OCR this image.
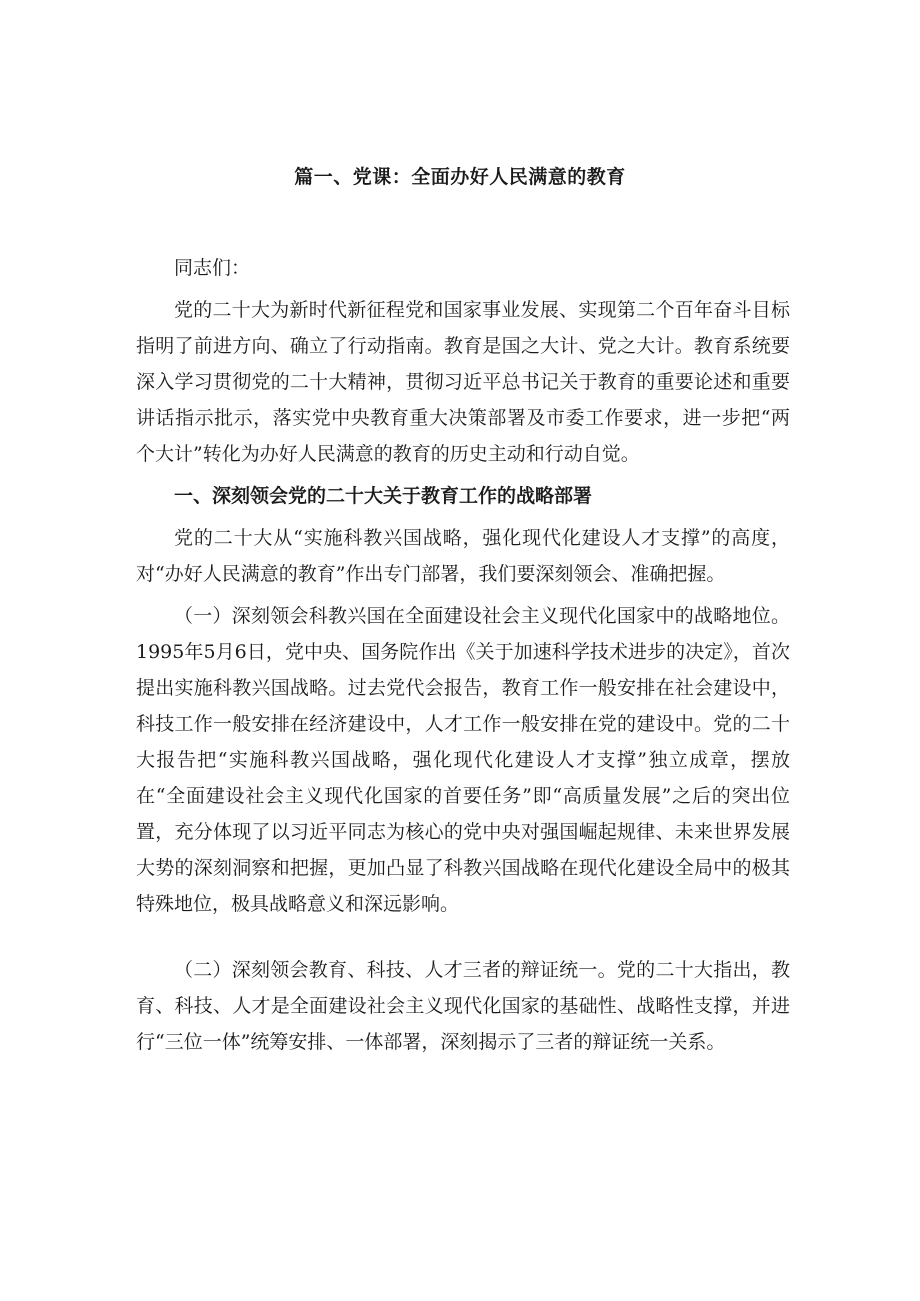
篇一、党课：全面办好人民满意的教育

同志们：

党的二十大为新时代新征程党和国家事业发展、实现第二个百年奋斗目标指明了前进方向、确立了行动指南。教育是国之大计、党之大计。教育系统要深入学习贯彻党的二十大精神，贯彻习近平总书记关于教育的重要论述和重要讲话指示批示，落实党中央教育重大决策部署及市委工作要求，进一步把“两个大计”转化为办好人民满意的教育的历史主动和行动自觉。

一、深刻领会党的二十大关于教育工作的战略部署

党的二十大从“实施科教兴国战略，强化现代化建设人才支撑”的高度，对“办好人民满意的教育”作出专门部署，我们要深刻领会、准确把握。

（一）深刻领会科教兴国在全面建设社会主义现代化国家中的战略地位。1995年5月6日，党中央、国务院作出《关于加速科学技术进步的决定》，首次提出实施科教兴国战略。过去党代会报告，教育工作一般安排在社会建设中，科技工作一般安排在经济建设中，人才工作一般安排在党的建设中。党的二十大报告把“实施科教兴国战略，强化现代化建设人才支撑”独立成章，摆放在“全面建设社会主义现代化国家的首要任务”即“高质量发展”之后的突出位置，充分体现了以习近平同志为核心的党中央对强国崛起规律、未来世界发展大势的深刻洞察和把握，更加凸显了科教兴国战略在现代化建设全局中的极其特殊地位，极具战略意义和深远影响。

（二）深刻领会教育、科技、人才三者的辩证统一。党的二十大指出，教育、科技、人才是全面建设社会主义现代化国家的基础性、战略性支撑，并进行“三位一体”统筹安排、一体部署，深刻揭示了三者的辩证统一关系。
